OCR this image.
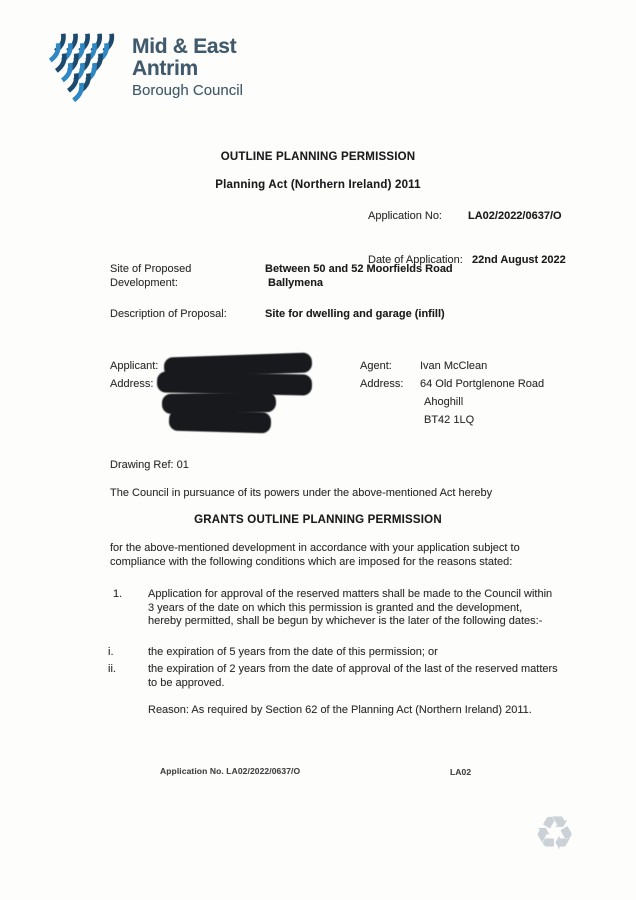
Mid & East
Antrim
Borough Council
OUTLINE PLANNING PERMISSION
Planning Act (Northern Ireland) 2011
Application No: LA02/2022/0637/O
Date of Application: 22nd August 2022
Site of Proposed Development:
Between 50 and 52 Moorfields Road
Ballymena
Description of Proposal:	Site for dwelling and garage (infill)
Applicant:
Address:
Agent:	Ivan McClean
Address: 64 Old Portglenone Road
Ahoghill
BT42 1LQ
Drawing Ref: 01
The Council in pursuance of its powers under the above-mentioned Act hereby
GRANTS OUTLINE PLANNING PERMISSION
for the above-mentioned development in accordance with your application subject to compliance with the following conditions which are imposed for the reasons stated:
1. Application for approval of the reserved matters shall be made to the Council within 3 years of the date on which this permission is granted and the development, hereby permitted, shall be begun by whichever is the later of the following dates:-
i.	the expiration of 5 years from the date of this permission; or
ii.	the expiration of 2 years from the date of approval of the last of the reserved matters to be approved.
Reason: As required by Section 62 of the Planning Act (Northern Ireland) 2011.
Application No. LA02/2022/0637/O	LA02
♻
